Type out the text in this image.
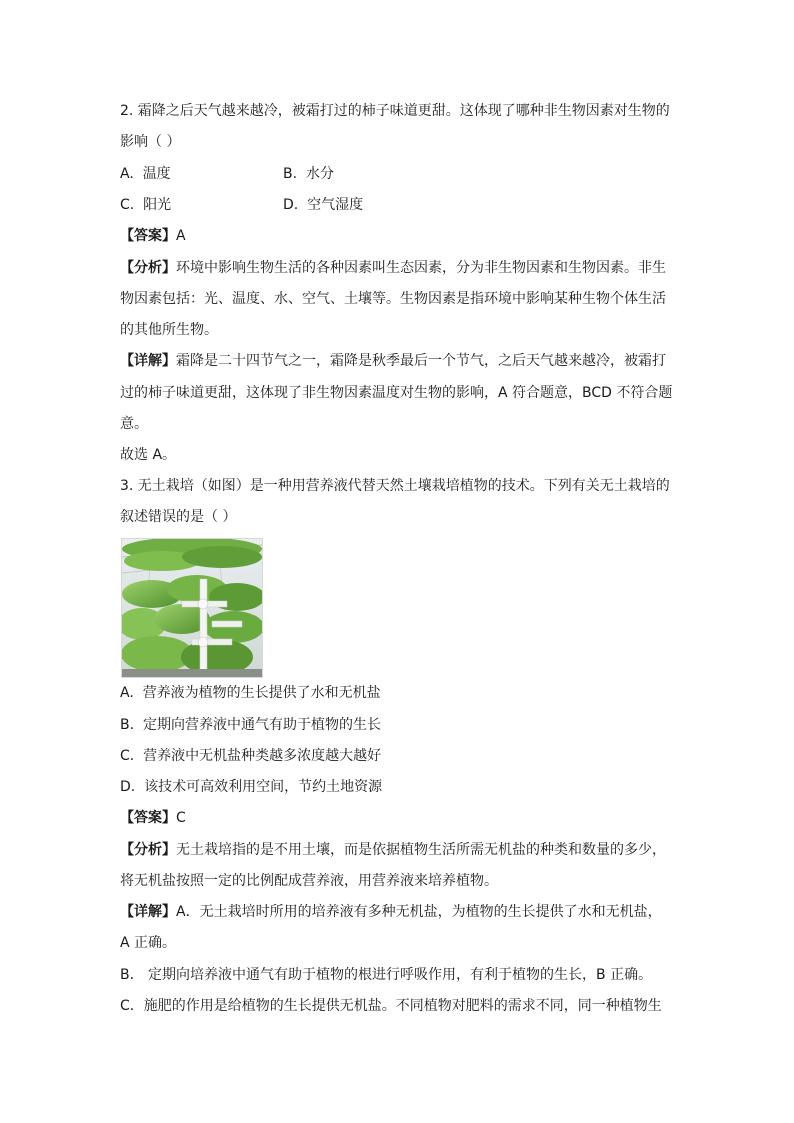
2. 霜降之后天气越来越冷，被霜打过的柿子味道更甜。这体现了哪种非生物因素对生物的
影响（ ）
A. 温度	B. 水分
C. 阳光	D. 空气湿度
【答案】A
【分析】环境中影响生物生活的各种因素叫生态因素，分为非生物因素和生物因素。非生
物因素包括：光、温度、水、空气、土壤等。生物因素是指环境中影响某种生物个体生活
的其他所生物。
【详解】霜降是二十四节气之一，霜降是秋季最后一个节气，之后天气越来越冷，被霜打
过的柿子味道更甜，这体现了非生物因素温度对生物的影响，A 符合题意，BCD 不符合题
意。
故选 A。
3. 无土栽培（如图）是一种用营养液代替天然土壤栽培植物的技术。下列有关无土栽培的
叙述错误的是（ ）
A. 营养液为植物的生长提供了水和无机盐
B. 定期向营养液中通气有助于植物的生长
C. 营养液中无机盐种类越多浓度越大越好
D. 该技术可高效利用空间，节约土地资源
【答案】C
【分析】无土栽培指的是不用土壤，而是依据植物生活所需无机盐的种类和数量的多少，
将无机盐按照一定的比例配成营养液，用营养液来培养植物。
【详解】A．无土栽培时所用的培养液有多种无机盐，为植物的生长提供了水和无机盐，
A 正确。
B． 定期向培养液中通气有助于植物的根进行呼吸作用，有利于植物的生长，B 正确。
C．施肥的作用是给植物的生长提供无机盐。不同植物对肥料的需求不同，同一种植物生
